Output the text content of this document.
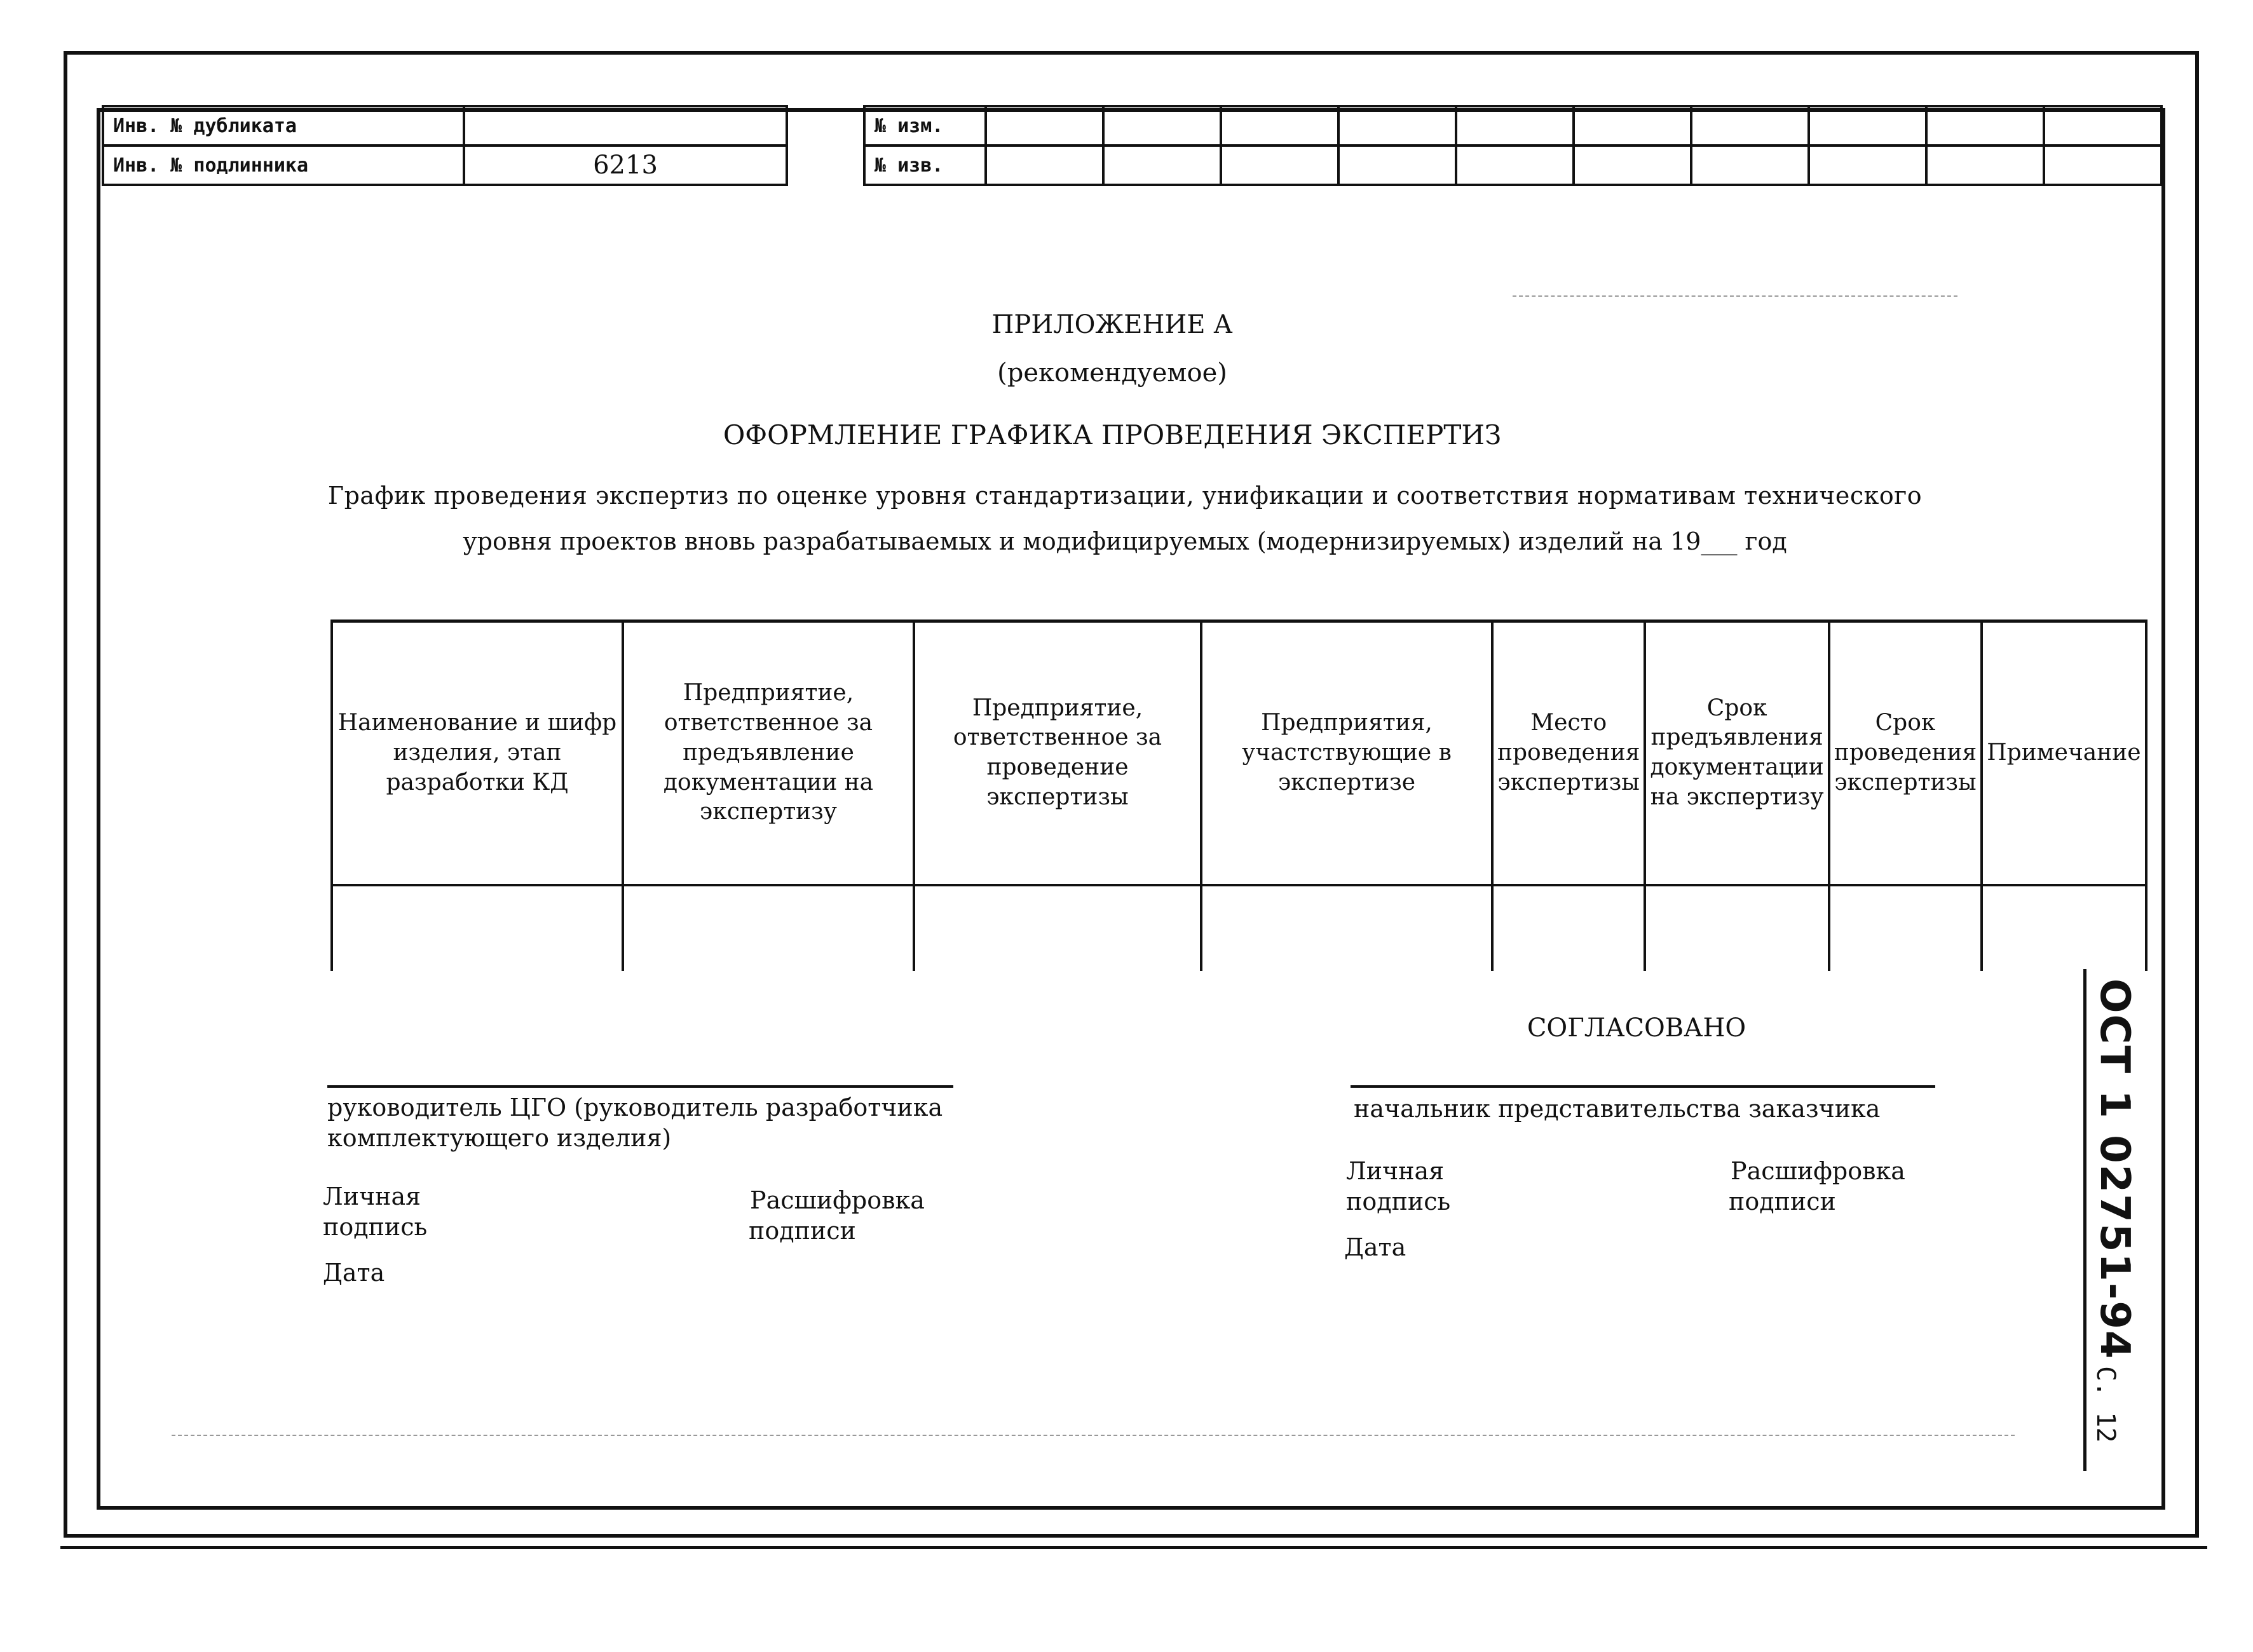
Инв. № дубликата	
Инв. № подлинника	6213
№ изм.										
№ изв.										
ПРИЛОЖЕНИЕ А
(рекомендуемое)
ОФОРМЛЕНИЕ ГРАФИКА ПРОВЕДЕНИЯ ЭКСПЕРТИЗ
График проведения экспертиз по оценке уровня стандартизации, унификации и соответствия нормативам технического
уровня проектов вновь разрабатываемых и модифицируемых (модернизируемых) изделий на 19___ год
Наименование и шифр изделия, этап разработки КД	Предприятие, ответственное за предъявление документации на экспертизу	Предприятие, ответственное за проведение экспертизы	Предприятия, участствующие в экспертизе	Место проведения экспертизы	Срок предъявления документации на экспертизу	Срок проведения экспертизы	Примечание

СОГЛАСОВАНО
руководитель ЦГО (руководитель разработчика
комплектующего изделия)
Личная
подпись
Расшифровка
подписи
Дата
начальник представительства заказчика
Личная
подпись
Расшифровка
подписи
Дата	ОСТ 1 02751-94
С. 12
